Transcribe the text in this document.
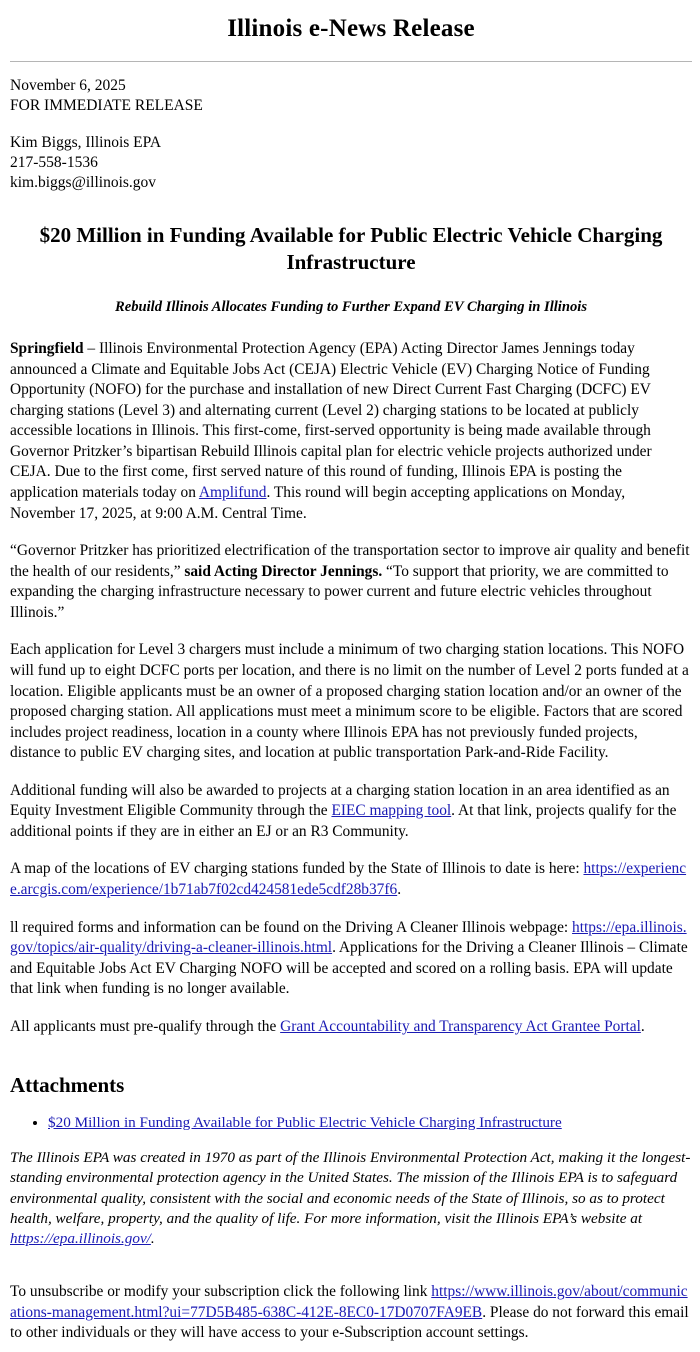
Illinois e-News Release
November 6, 2025
FOR IMMEDIATE RELEASE
Kim Biggs, Illinois EPA
217-558-1536
kim.biggs@illinois.gov
$20 Million in Funding Available for Public Electric Vehicle Charging Infrastructure
Rebuild Illinois Allocates Funding to Further Expand EV Charging in Illinois

Springfield – Illinois Environmental Protection Agency (EPA) Acting Director James Jennings today announced a Climate and Equitable Jobs Act (CEJA) Electric Vehicle (EV) Charging Notice of Funding Opportunity (NOFO) for the purchase and installation of new Direct Current Fast Charging (DCFC) EV charging stations (Level 3) and alternating current (Level 2) charging stations to be located at publicly accessible locations in Illinois. This first-come, first-served opportunity is being made available through Governor Pritzker’s bipartisan Rebuild Illinois capital plan for electric vehicle projects authorized under CEJA. Due to the first come, first served nature of this round of funding, Illinois EPA is posting the application materials today on Amplifund. This round will begin accepting applications on Monday, November 17, 2025, at 9:00 A.M. Central Time.

“Governor Pritzker has prioritized electrification of the transportation sector to improve air quality and benefit the health of our residents,” said Acting Director Jennings. “To support that priority, we are committed to expanding the charging infrastructure necessary to power current and future electric vehicles throughout Illinois.”

Each application for Level 3 chargers must include a minimum of two charging station locations. This NOFO will fund up to eight DCFC ports per location, and there is no limit on the number of Level 2 ports funded at a location. Eligible applicants must be an owner of a proposed charging station location and/or an owner of the proposed charging station. All applications must meet a minimum score to be eligible. Factors that are scored includes project readiness, location in a county where Illinois EPA has not previously funded projects, distance to public EV charging sites, and location at public transportation Park-and-Ride Facility.

Additional funding will also be awarded to projects at a charging station location in an area identified as an Equity Investment Eligible Community through the EIEC mapping tool. At that link, projects qualify for the additional points if they are in either an EJ or an R3 Community.

A map of the locations of EV charging stations funded by the State of Illinois to date is here: https://experience.arcgis.com/experience/1b71ab7f02cd424581ede5cdf28b37f6.

ll required forms and information can be found on the Driving A Cleaner Illinois webpage: https://epa.illinois.gov/topics/air-quality/driving-a-cleaner-illinois.html. Applications for the Driving a Cleaner Illinois – Climate and Equitable Jobs Act EV Charging NOFO will be accepted and scored on a rolling basis. EPA will update that link when funding is no longer available.

All applicants must pre-qualify through the Grant Accountability and Transparency Act Grantee Portal.

Attachments
• $20 Million in Funding Available for Public Electric Vehicle Charging Infrastructure

The Illinois EPA was created in 1970 as part of the Illinois Environmental Protection Act, making it the longest-standing environmental protection agency in the United States. The mission of the Illinois EPA is to safeguard environmental quality, consistent with the social and economic needs of the State of Illinois, so as to protect health, welfare, property, and the quality of life. For more information, visit the Illinois EPA’s website at https://epa.illinois.gov/.

To unsubscribe or modify your subscription click the following link https://www.illinois.gov/about/communications-management.html?ui=77D5B485-638C-412E-8EC0-17D0707FA9EB. Please do not forward this email to other individuals or they will have access to your e-Subscription account settings.
